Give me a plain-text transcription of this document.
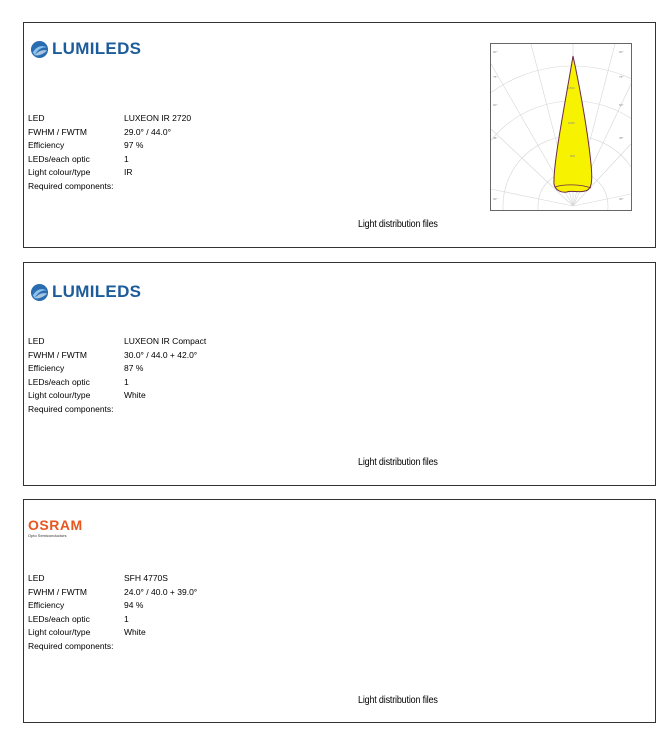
LUMILEDS
LED	LUXEON IR 2720
FWHM / FWTM	29.0° / 44.0°
Efficiency	97 %
LEDs/each optic	1
Light colour/type	IR
Required components:
90°	90°
75°	75°
60°	60°
45°	45°
30°	30°
1500
1000
500
Light distribution files
LUMILEDS
LED	LUXEON IR Compact
FWHM / FWTM	30.0° / 44.0 + 42.0°
Efficiency	87 %
LEDs/each optic	1
Light colour/type	White
Required components:
Light distribution files
OSRAM
Opto Semiconductors
LED	SFH 4770S
FWHM / FWTM	24.0° / 40.0 + 39.0°
Efficiency	94 %
LEDs/each optic	1
Light colour/type	White
Required components:
Light distribution files
